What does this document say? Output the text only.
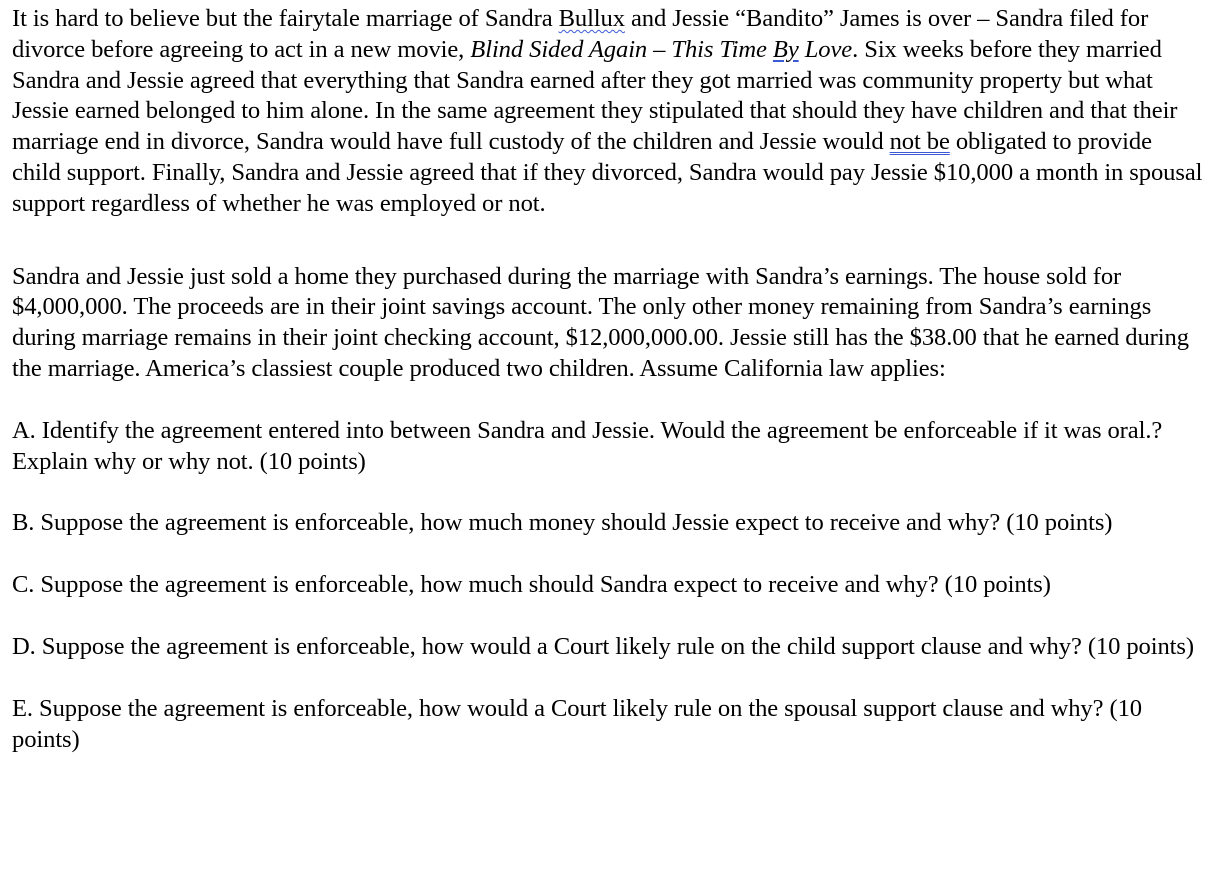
It is hard to believe but the fairytale marriage of Sandra Bullux and Jessie “Bandito” James is over – Sandra filed for divorce before agreeing to act in a new movie, Blind Sided Again – This Time By Love. Six weeks before they married Sandra and Jessie agreed that everything that Sandra earned after they got married was community property but what Jessie earned belonged to him alone. In the same agreement they stipulated that should they have children and that their marriage end in divorce, Sandra would have full custody of the children and Jessie would not be obligated to provide child support. Finally, Sandra and Jessie agreed that if they divorced, Sandra would pay Jessie $10,000 a month in spousal support regardless of whether he was employed or not.

Sandra and Jessie just sold a home they purchased during the marriage with Sandra’s earnings. The house sold for $4,000,000. The proceeds are in their joint savings account. The only other money remaining from Sandra’s earnings during marriage remains in their joint checking account, $12,000,000.00. Jessie still has the $38.00 that he earned during the marriage. America’s classiest couple produced two children. Assume California law applies:

A. Identify the agreement entered into between Sandra and Jessie. Would the agreement be enforceable if it was oral.? Explain why or why not. (10 points)

B. Suppose the agreement is enforceable, how much money should Jessie expect to receive and why? (10 points)

C. Suppose the agreement is enforceable, how much should Sandra expect to receive and why? (10 points)

D. Suppose the agreement is enforceable, how would a Court likely rule on the child support clause and why? (10 points)

E. Suppose the agreement is enforceable, how would a Court likely rule on the spousal support clause and why? (10 points)
